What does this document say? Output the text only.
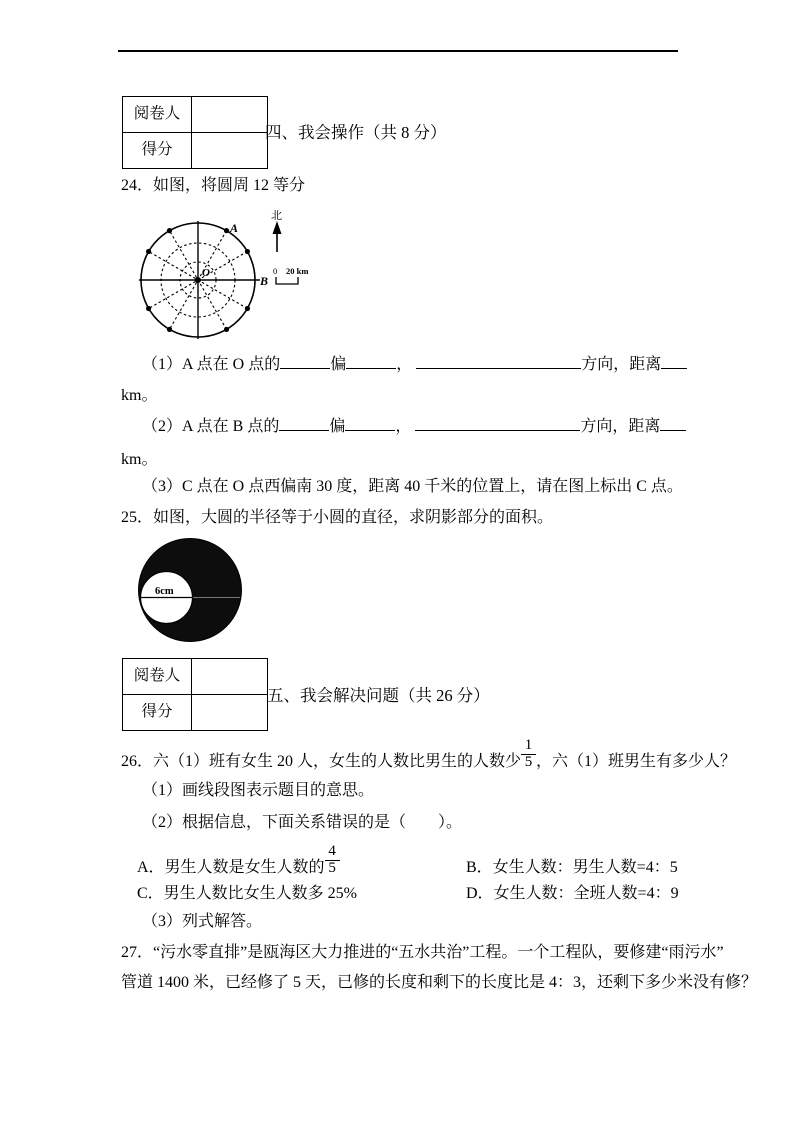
阅卷人	
得分	
四、我会操作（共 8 分）
24．如图，将圆周 12 等分
O
A
B
北
0 20 km
（1）A 点在 O 点的	偏	，	方向，距离
km。
（2）A 点在 B 点的	偏	，	方向，距离
km。
（3）C 点在 O 点西偏南 30 度，距离 40 千米的位置上，请在图上标出 C 点。
25．如图，大圆的半径等于小圆的直径，求阴影部分的面积。
6cm
阅卷人	
得分	
五、我会解决问题（共 26 分）
26．六（1）班有女生 20 人，女生的人数比男生的人数少 $\frac{1}{5}$ ，六（1）班男生有多少人？
（1）画线段图表示题目的意思。
（2）根据信息，下面关系错误的是（　　）。
A．男生人数是女生人数的 $\frac{4}{5}$	B．女生人数：男生人数=4：5
C．男生人数比女生人数多 25%	D．女生人数：全班人数=4：9
（3）列式解答。
27．“污水零直排”是瓯海区大力推进的“五水共治”工程。一个工程队，要修建“雨污水”
管道 1400 米，已经修了 5 天，已修的长度和剩下的长度比是 4：3，还剩下多少米没有修？
